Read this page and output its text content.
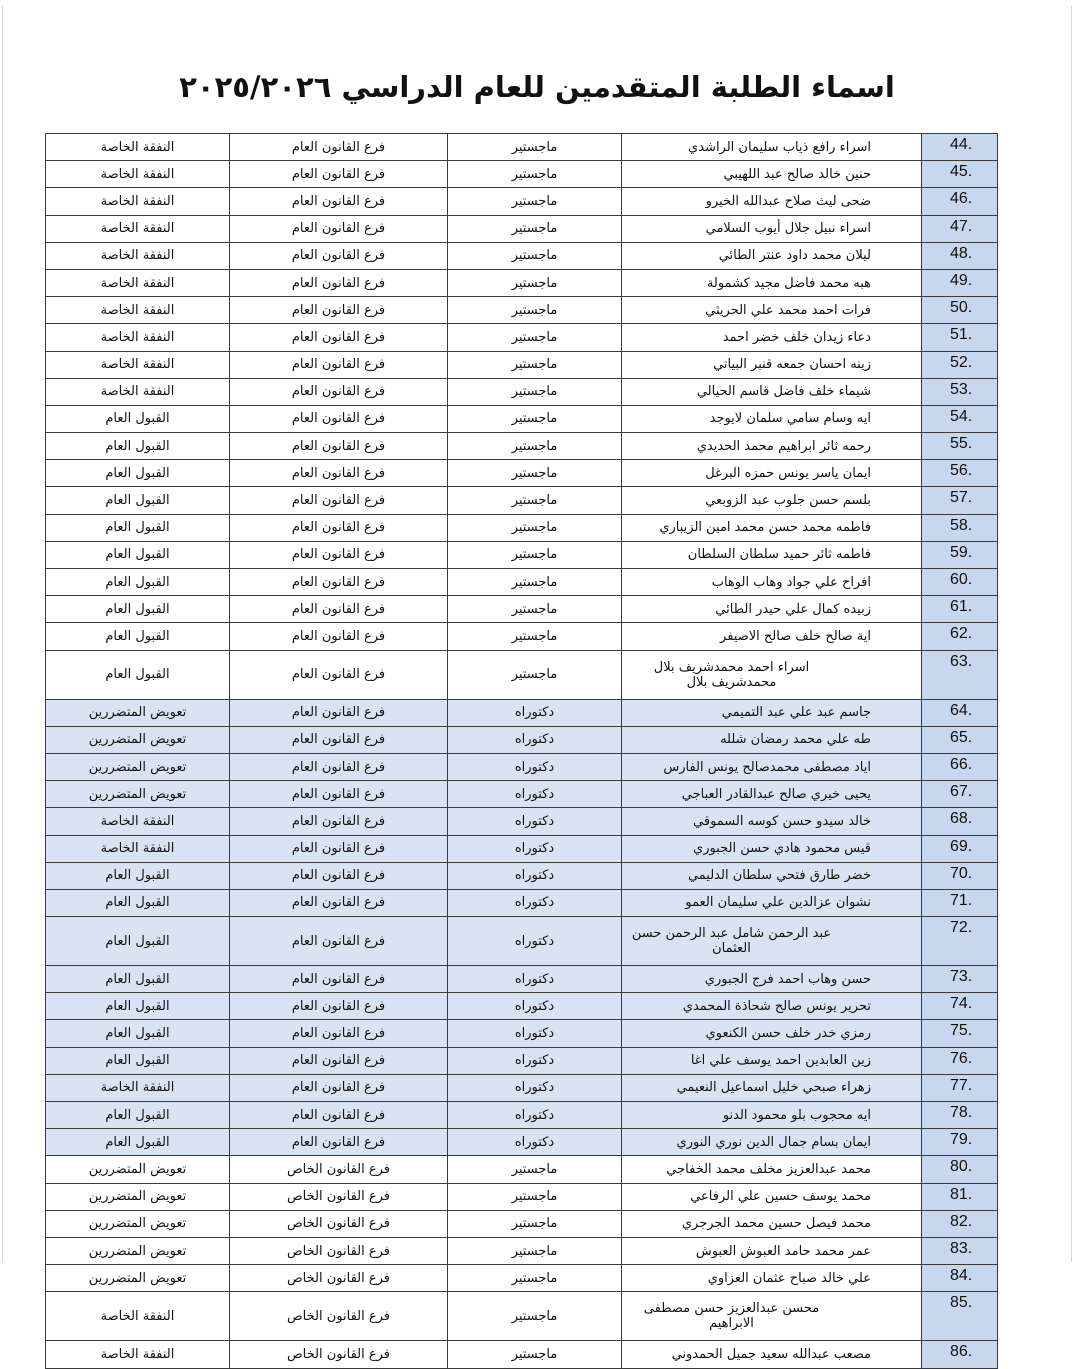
اسماء الطلبة المتقدمين للعام الدراسي ٢٠٢٥/٢٠٢٦
44.	اسراء رافع ذياب سليمان الراشدي	ماجستير	فرع القانون العام	النفقة الخاصة
45.	حنين خالد صالح عبد اللهيبي	ماجستير	فرع القانون العام	النفقة الخاصة
46.	ضحى ليث صلاح عبدالله الخيرو	ماجستير	فرع القانون العام	النفقة الخاصة
47.	اسراء نبيل جلال أيوب السلامي	ماجستير	فرع القانون العام	النفقة الخاصة
48.	ليلان محمد داود عنتر الطائي	ماجستير	فرع القانون العام	النفقة الخاصة
49.	هبه محمد فاضل مجيد كشمولة	ماجستير	فرع القانون العام	النفقة الخاصة
50.	فرات احمد محمد علي الحريثي	ماجستير	فرع القانون العام	النفقة الخاصة
51.	دعاء زيدان خلف خضر احمد	ماجستير	فرع القانون العام	النفقة الخاصة
52.	زينه احسان جمعه قنبر البياتي	ماجستير	فرع القانون العام	النفقة الخاصة
53.	شيماء خلف فاضل قاسم الحيالي	ماجستير	فرع القانون العام	النفقة الخاصة
54.	ايه وسام سامي سلمان لايوجد	ماجستير	فرع القانون العام	القبول العام
55.	رحمه ثائر ابراهيم محمد الحديدي	ماجستير	فرع القانون العام	القبول العام
56.	ايمان ياسر يونس حمزه البرغل	ماجستير	فرع القانون العام	القبول العام
57.	بلسم حسن جلوب عبد الزوبعي	ماجستير	فرع القانون العام	القبول العام
58.	فاطمه محمد حسن محمد امين الزيباري	ماجستير	فرع القانون العام	القبول العام
59.	فاطمه ثائر حميد سلطان السلطان	ماجستير	فرع القانون العام	القبول العام
60.	افراح علي جواد وهاب الوهاب	ماجستير	فرع القانون العام	القبول العام
61.	زبيده كمال علي حيدر الطائي	ماجستير	فرع القانون العام	القبول العام
62.	اية صالح خلف صالح الاصيفر	ماجستير	فرع القانون العام	القبول العام
63.	اسراء احمد محمدشريف بلال محمدشريف بلال	ماجستير	فرع القانون العام	القبول العام
64.	جاسم عبد علي عبد التميمي	دكتوراه	فرع القانون العام	تعويض المتضررين
65.	طه علي محمد رمضان شلله	دكتوراه	فرع القانون العام	تعويض المتضررين
66.	اياد مصطفى محمدصالح يونس الفارس	دكتوراه	فرع القانون العام	تعويض المتضررين
67.	يحيى خيري صالح عبدالقادر العباجي	دكتوراه	فرع القانون العام	تعويض المتضررين
68.	خالد سيدو حسن كوسه السموقي	دكتوراه	فرع القانون العام	النفقة الخاصة
69.	قيس محمود هادي حسن الجبوري	دكتوراه	فرع القانون العام	النفقة الخاصة
70.	خضر طارق فتحي سلطان الدليمي	دكتوراه	فرع القانون العام	القبول العام
71.	نشوان عزالدين علي سليمان العمو	دكتوراه	فرع القانون العام	القبول العام
72.	عبد الرحمن شامل عبد الرحمن حسن العثمان	دكتوراه	فرع القانون العام	القبول العام
73.	حسن وهاب احمد فرج الجبوري	دكتوراه	فرع القانون العام	القبول العام
74.	تحرير يونس صالح شحاذة المحمدي	دكتوراه	فرع القانون العام	القبول العام
75.	رمزي خدر خلف حسن الكنعوي	دكتوراه	فرع القانون العام	القبول العام
76.	زين العابدين احمد يوسف علي اغا	دكتوراه	فرع القانون العام	القبول العام
77.	زهراء صبحي خليل اسماعيل النعيمي	دكتوراه	فرع القانون العام	النفقة الخاصة
78.	ايه محجوب بلو محمود الدنو	دكتوراه	فرع القانون العام	القبول العام
79.	ايمان بسام جمال الدين نوري النوري	دكتوراه	فرع القانون العام	القبول العام
80.	محمد عبدالعزيز مخلف محمد الخفاجي	ماجستير	فرع القانون الخاص	تعويض المتضررين
81.	محمد يوسف حسين علي الرفاعي	ماجستير	فرع القانون الخاص	تعويض المتضررين
82.	محمد فيصل حسين محمد الجرجري	ماجستير	فرع القانون الخاص	تعويض المتضررين
83.	عمر محمد حامد العبوش العبوش	ماجستير	فرع القانون الخاص	تعويض المتضررين
84.	علي خالد صباح عثمان العزاوي	ماجستير	فرع القانون الخاص	تعويض المتضررين
85.	محسن عبدالعزيز حسن مصطفى الابراهيم	ماجستير	فرع القانون الخاص	النفقة الخاصة
86.	مصعب عبدالله سعيد جميل الحمدوني	ماجستير	فرع القانون الخاص	النفقة الخاصة
